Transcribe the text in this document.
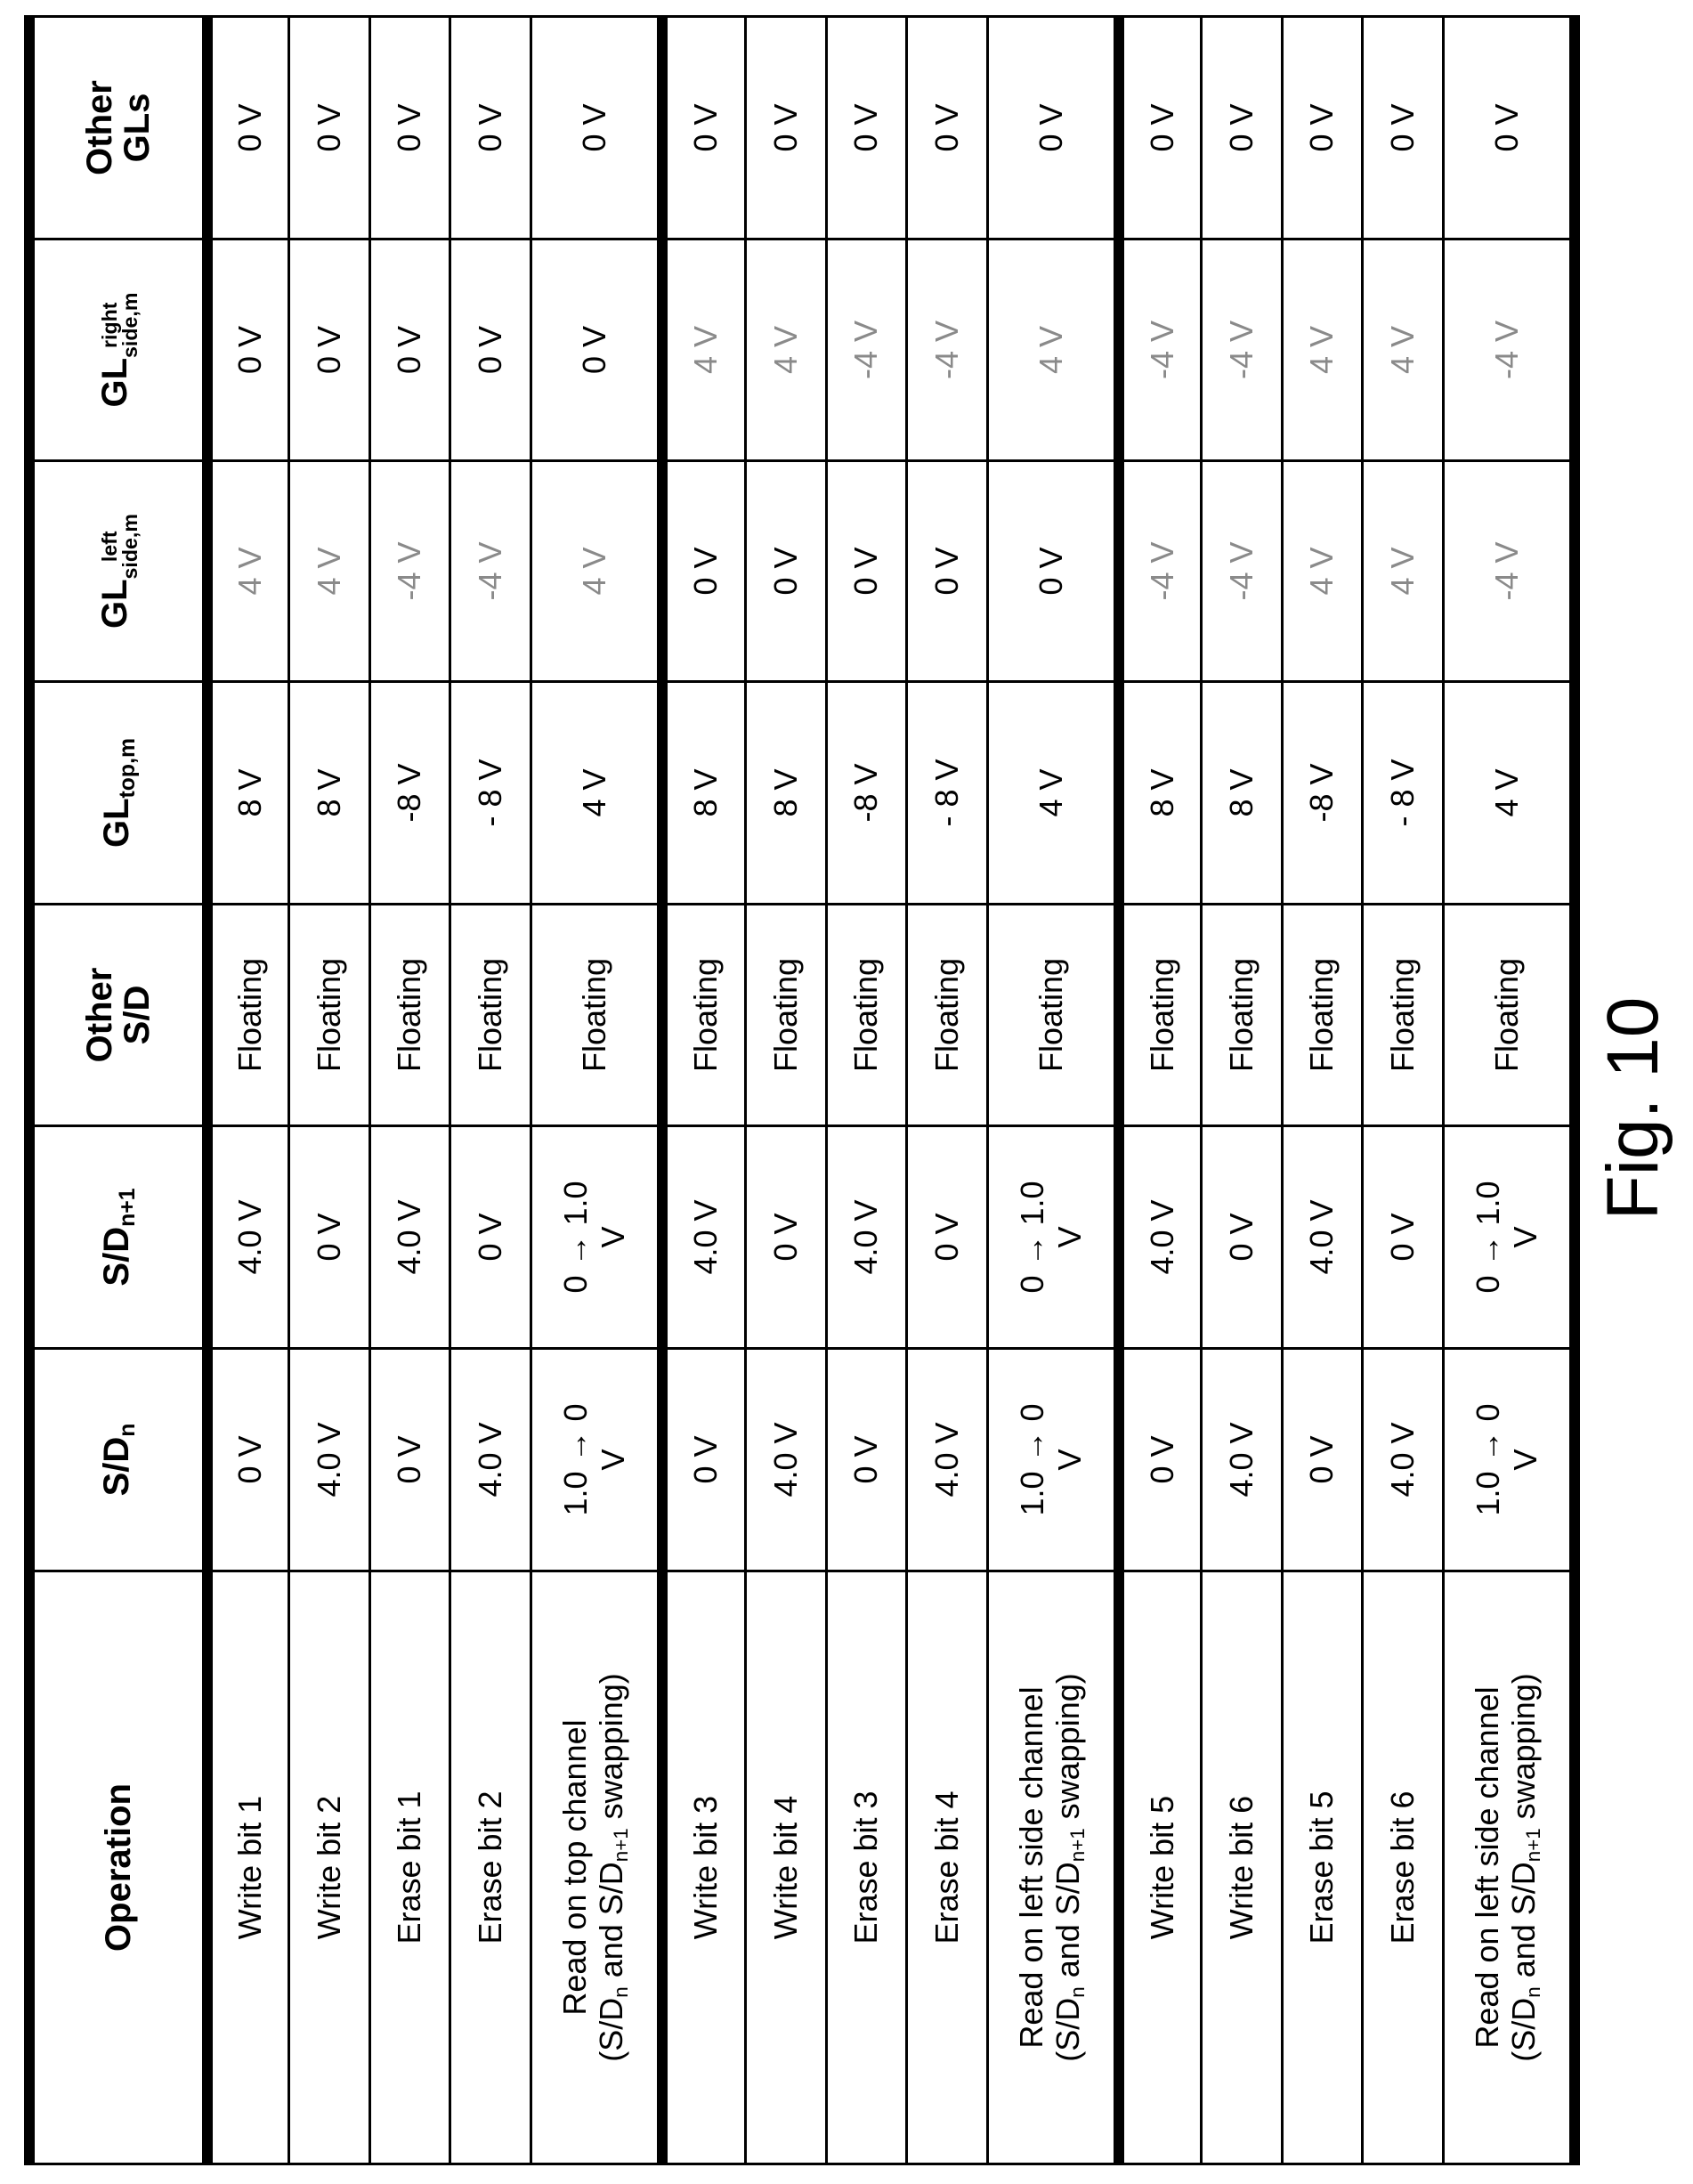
Operation	S/Dn	S/Dn+1	Other
S/D	GLtop,m	GL
left
side,m
	GL
right
side,m
	Other
GLs
Write bit 1	0 V	4.0 V	Floating	8 V	4 V	0 V	0 V
Write bit 2	4.0 V	0 V	Floating	8 V	4 V	0 V	0 V
Erase bit 1	0 V	4.0 V	Floating	-8 V	-4 V	0 V	0 V
Erase bit 2	4.0 V	0 V	Floating	- 8 V	-4 V	0 V	0 V
Read on top channel
(S/Dn and S/Dn+1 swapping)	1.0 → 0
V	0 → 1.0
V	Floating	4 V	4 V	0 V	0 V
Write bit 3	0 V	4.0 V	Floating	8 V	0 V	4 V	0 V
Write bit 4	4.0 V	0 V	Floating	8 V	0 V	4 V	0 V
Erase bit 3	0 V	4.0 V	Floating	-8 V	0 V	-4 V	0 V
Erase bit 4	4.0 V	0 V	Floating	- 8 V	0 V	-4 V	0 V
Read on left side channel
(S/Dn and S/Dn+1 swapping)	1.0 → 0
V	0 → 1.0
V	Floating	4 V	0 V	4 V	0 V
Write bit 5	0 V	4.0 V	Floating	8 V	-4 V	-4 V	0 V
Write bit 6	4.0 V	0 V	Floating	8 V	-4 V	-4 V	0 V
Erase bit 5	0 V	4.0 V	Floating	-8 V	4 V	4 V	0 V
Erase bit 6	4.0 V	0 V	Floating	- 8 V	4 V	4 V	0 V
Read on left side channel
(S/Dn and S/Dn+1 swapping)	1.0 → 0
V	0 → 1.0
V	Floating	4 V	-4 V	-4 V	0 V
Fig. 10
